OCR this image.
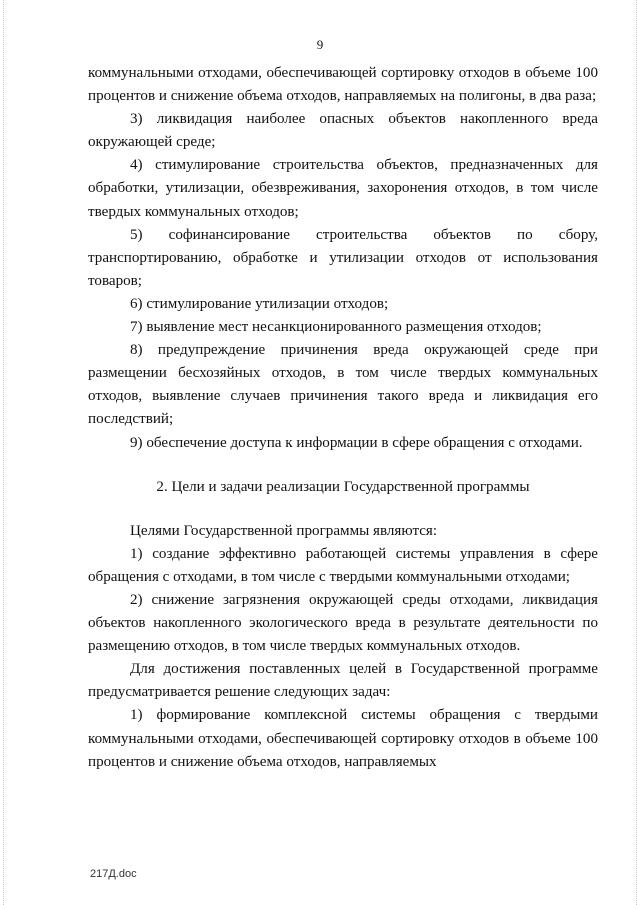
9

коммунальными отходами, обеспечивающей сортировку отходов в объеме 100 процентов и снижение объема отходов, направляемых на полигоны, в два раза;

3) ликвидация наиболее опасных объектов накопленного вреда окружающей среде;

4) стимулирование строительства объектов, предназначенных для обработки, утилизации, обезвреживания, захоронения отходов, в том числе твердых коммунальных отходов;

5) софинансирование строительства объектов по сбору, транспортированию, обработке и утилизации отходов от использования товаров;

6) стимулирование утилизации отходов;

7) выявление мест несанкционированного размещения отходов;

8) предупреждение причинения вреда окружающей среде при размещении бесхозяйных отходов, в том числе твердых коммунальных отходов, выявление случаев причинения такого вреда и ликвидация его последствий;

9) обеспечение доступа к информации в сфере обращения с отходами.

2. Цели и задачи реализации Государственной программы

Целями Государственной программы являются:

1) создание эффективно работающей системы управления в сфере обращения с отходами, в том числе с твердыми коммунальными отходами;

2) снижение загрязнения окружающей среды отходами, ликвидация объектов накопленного экологического вреда в результате деятельности по размещению отходов, в том числе твердых коммунальных отходов.

Для достижения поставленных целей в Государственной программе предусматривается решение следующих задач:

1) формирование комплексной системы обращения с твердыми коммунальными отходами, обеспечивающей сортировку отходов в объеме 100 процентов и снижение объема отходов, направляемых

217Д.doc
